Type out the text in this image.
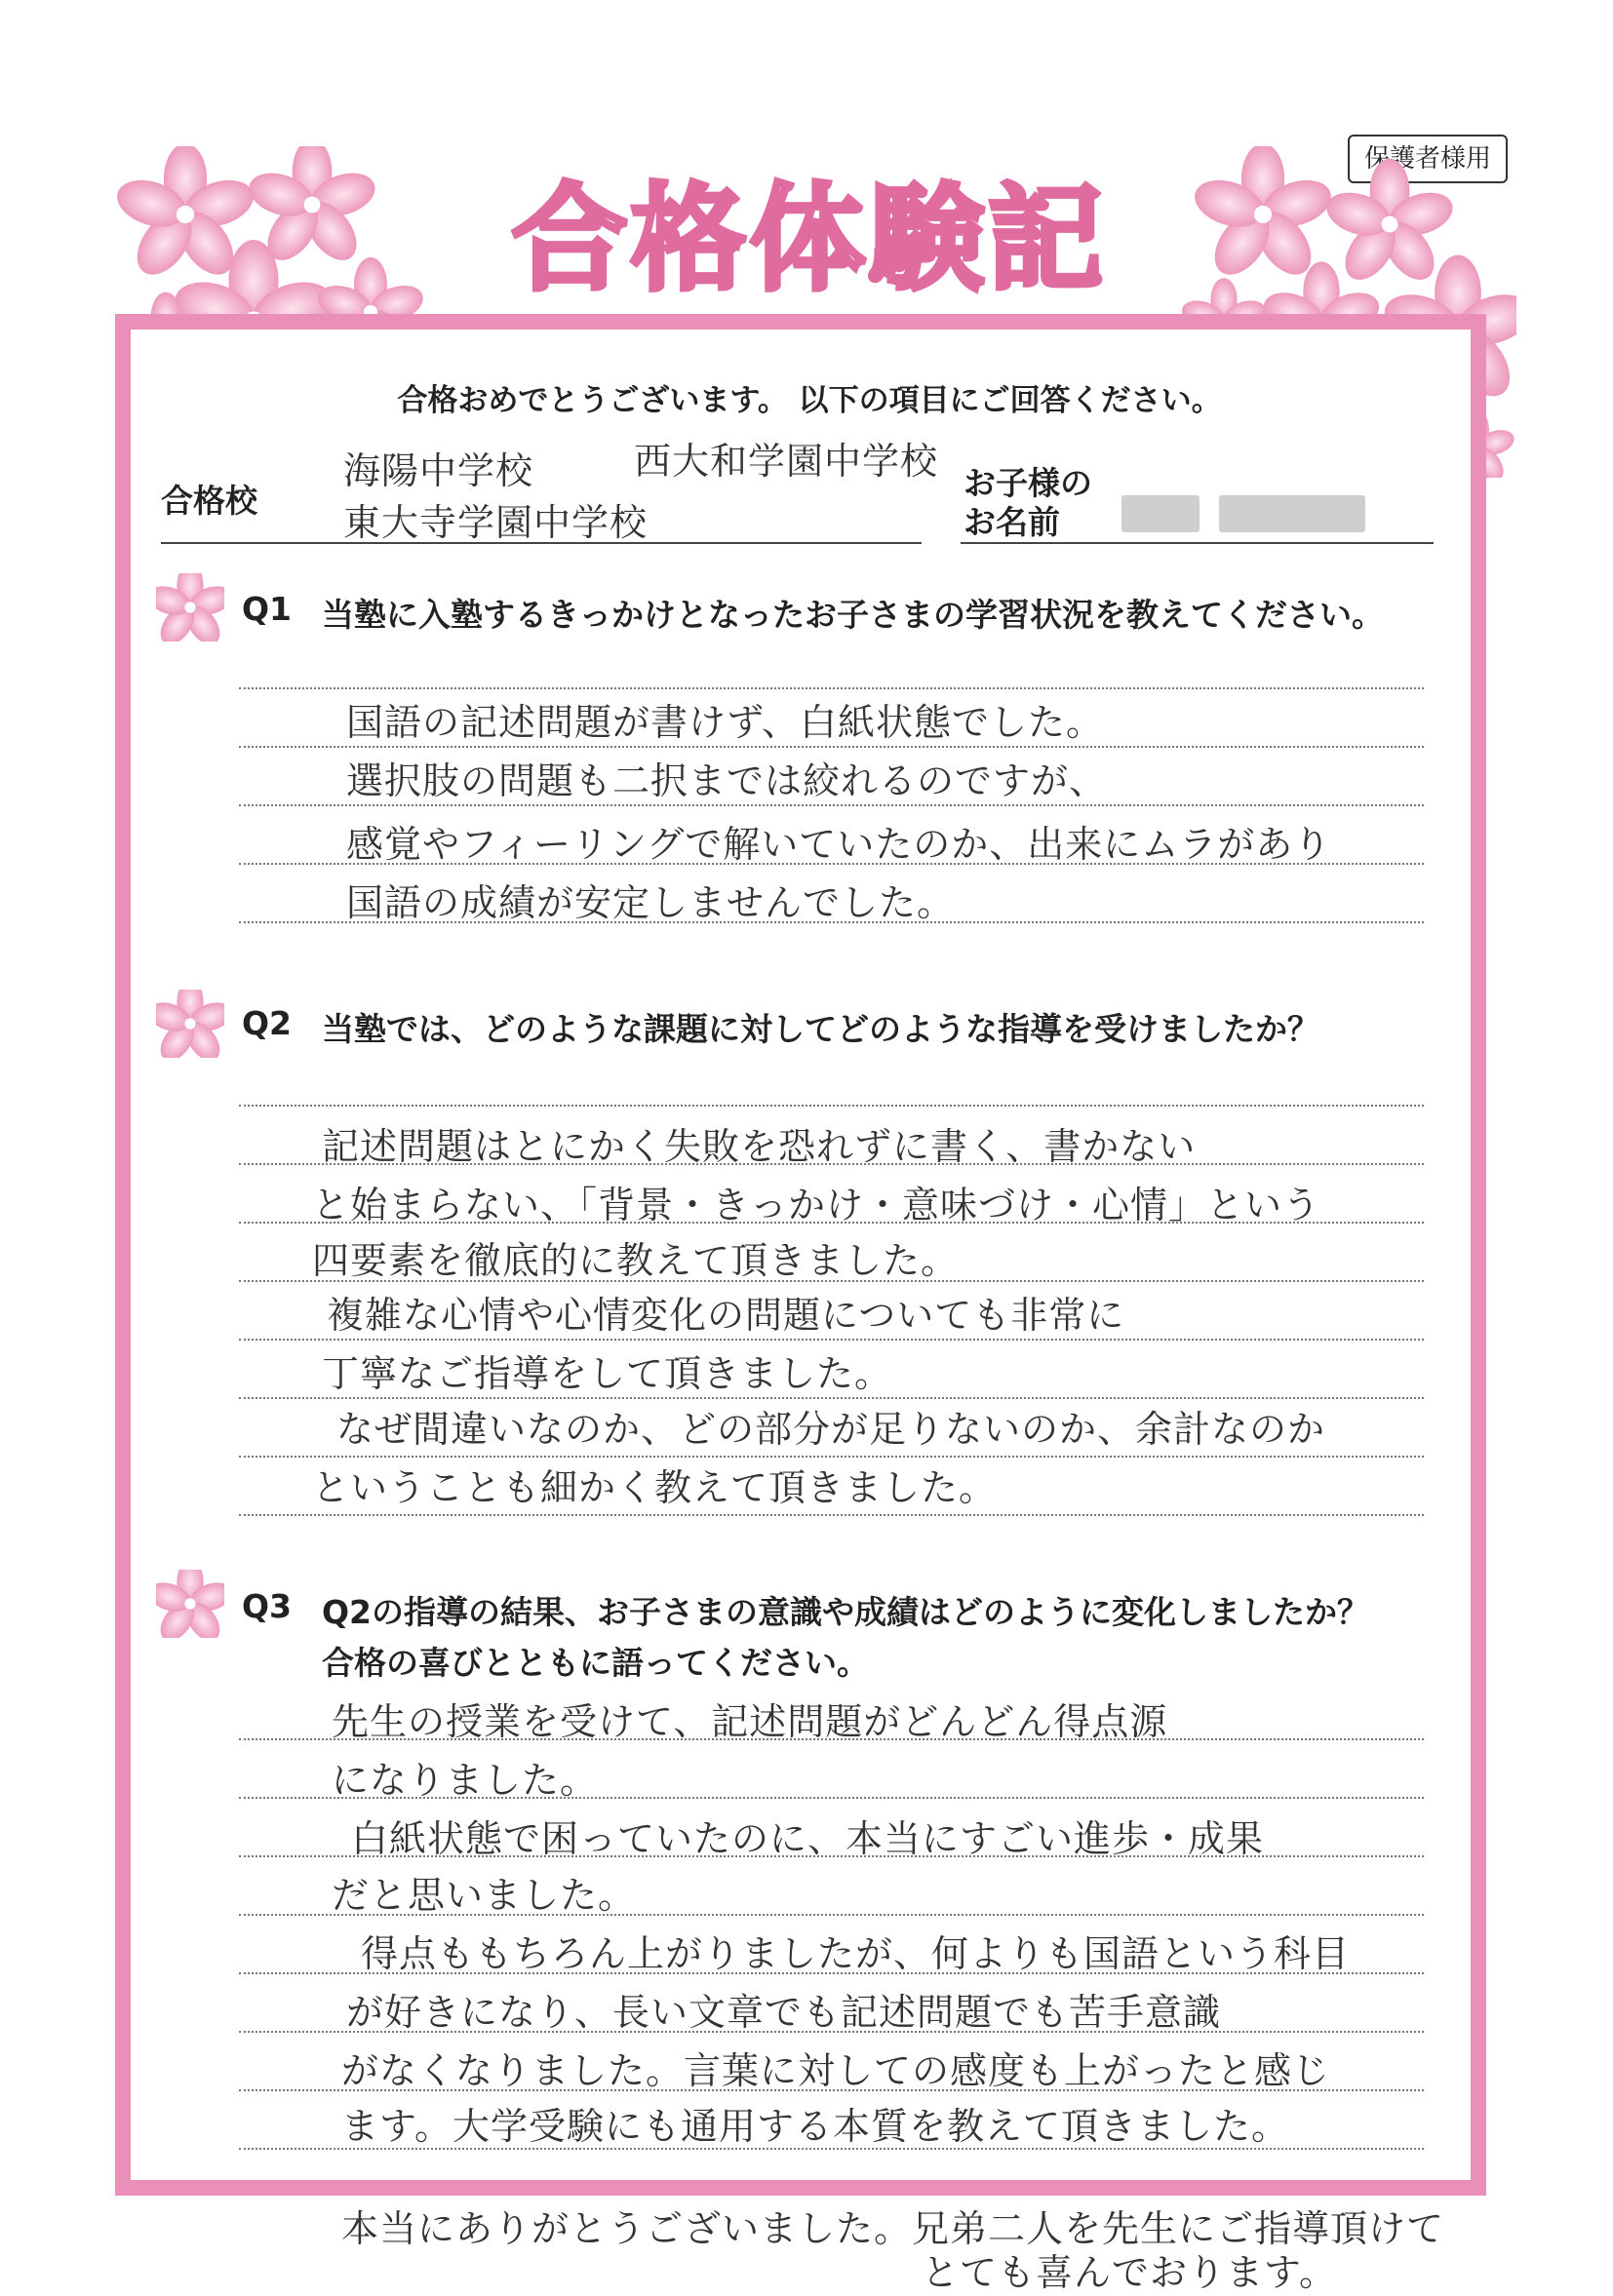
保護者様用
合格体験記
合格おめでとうございます。 以下の項目にご回答ください。
合格校
海陽中学校	西大和学園中学校
東大寺学園中学校
お子様の
お名前
Q1 当塾に入塾するきっかけとなったお子さまの学習状況を教えてください。
国語の記述問題が書けず、白紙状態でした。
選択肢の問題も二択までは絞れるのですが、
感覚やフィーリングで解いていたのか、出来にムラがあり
国語の成績が安定しませんでした。
Q2 当塾では、どのような課題に対してどのような指導を受けましたか？
記述問題はとにかく失敗を恐れずに書く、書かない
と始まらない、「背景・きっかけ・意味づけ・心情」という
四要素を徹底的に教えて頂きました。
複雑な心情や心情変化の問題についても非常に
丁寧なご指導をして頂きました。
なぜ間違いなのか、どの部分が足りないのか、余計なのか
ということも細かく教えて頂きました。
Q3 Q2の指導の結果、お子さまの意識や成績はどのように変化しましたか？
合格の喜びとともに語ってください。
先生の授業を受けて、記述問題がどんどん得点源
になりました。
白紙状態で困っていたのに、本当にすごい進歩・成果
だと思いました。
得点ももちろん上がりましたが、何よりも国語という科目
が好きになり、長い文章でも記述問題でも苦手意識
がなくなりました。言葉に対しての感度も上がったと感じ
ます。大学受験にも通用する本質を教えて頂きました。
本当にありがとうございました。兄弟二人を先生にご指導頂けて
とても喜んでおります。
